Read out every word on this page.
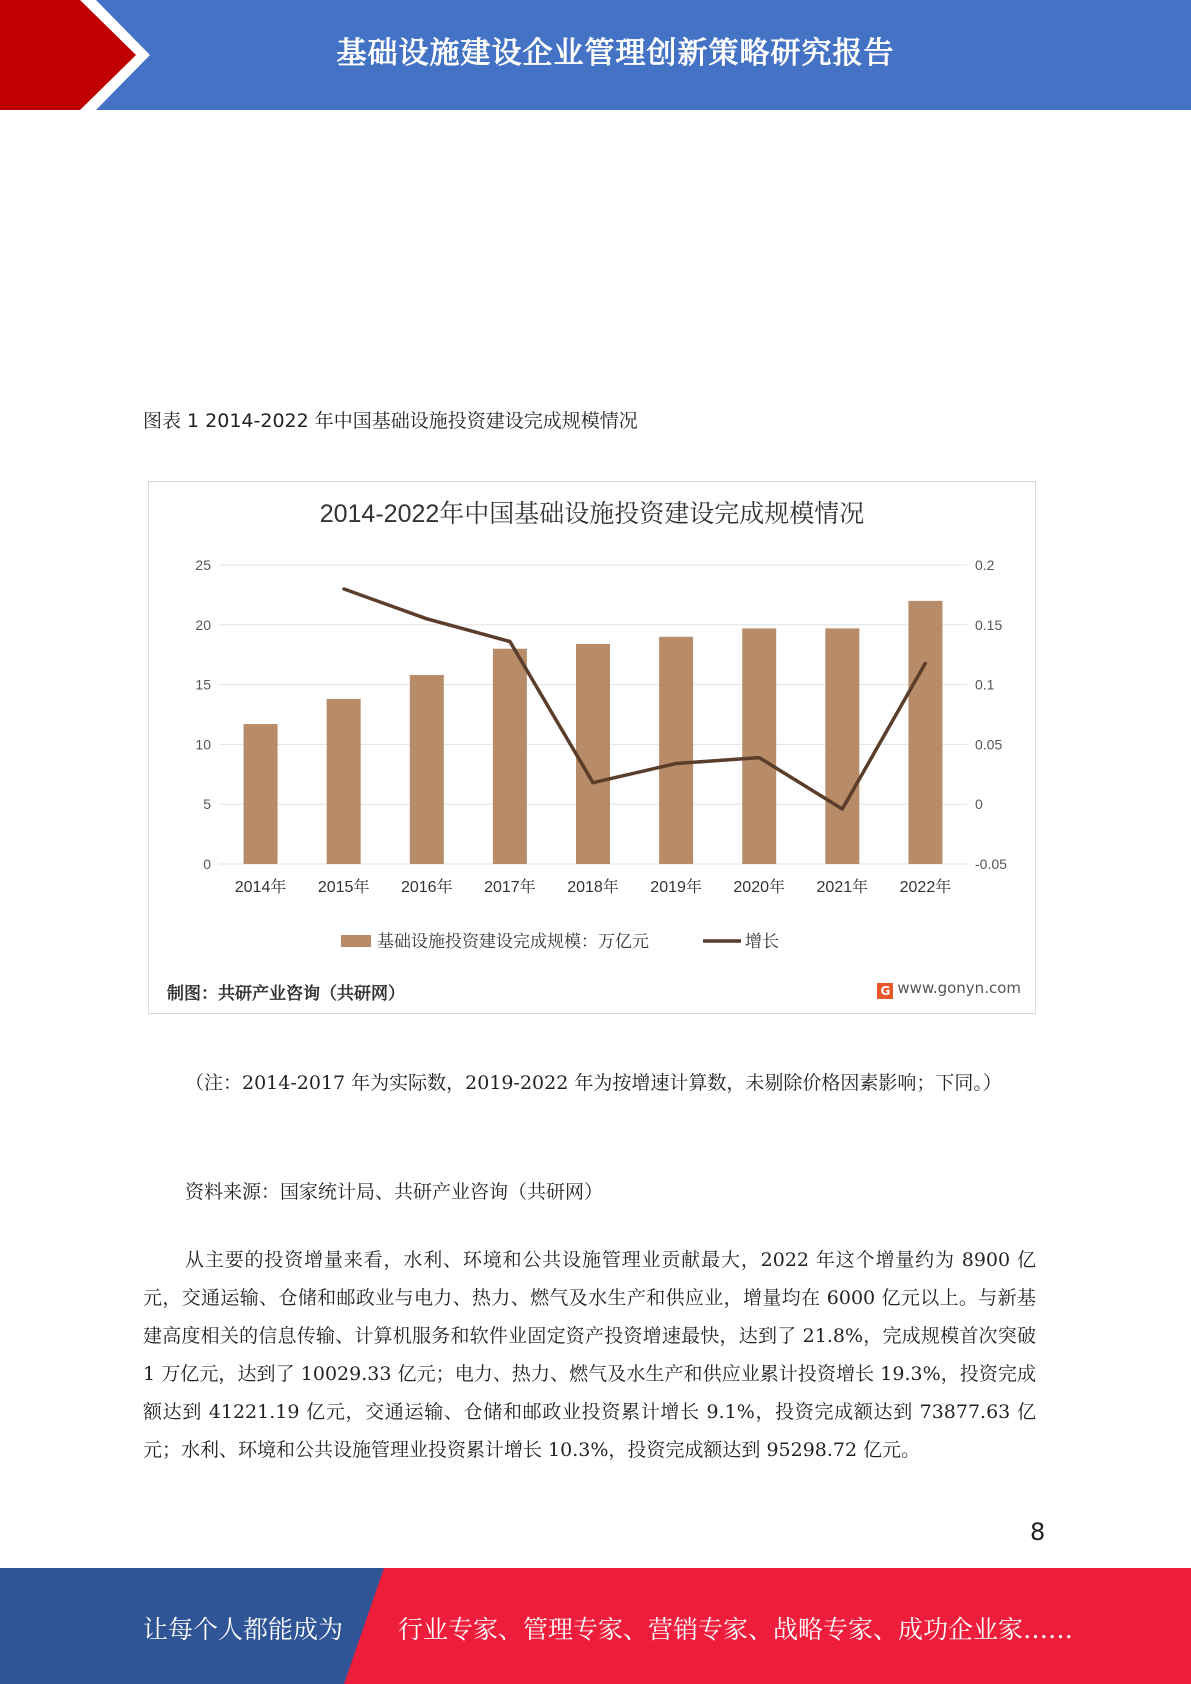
基础设施建设企业管理创新策略研究报告
图表 1 2014-2022 年中国基础设施投资建设完成规模情况
2014-2022年中国基础设施投资建设完成规模情况
0
5
10
15
20
25
-0.05
0
0.05
0.1
0.15
0.2
2014年 2015年 2016年 2017年 2018年 2019年 2020年 2021年 2022年
基础设施投资建设完成规模：万亿元	增长
制图：共研产业咨询（共研网）	G www.gonyn.com
（注：2014-2017 年为实际数，2019-2022 年为按增速计算数，未剔除价格因素影响；下同。）
资料来源：国家统计局、共研产业咨询（共研网）
从主要的投资增量来看，水利、环境和公共设施管理业贡献最大，2022 年这个增量约为 8900 亿元，交通运输、仓储和邮政业与电力、热力、燃气及水生产和供应业，增量均在 6000 亿元以上。与新基建高度相关的信息传输、计算机服务和软件业固定资产投资增速最快，达到了 21.8%，完成规模首次突破 1 万亿元，达到了 10029.33 亿元；电力、热力、燃气及水生产和供应业累计投资增长 19.3%，投资完成额达到 41221.19 亿元，交通运输、仓储和邮政业投资累计增长 9.1%，投资完成额达到 73877.63 亿元；水利、环境和公共设施管理业投资累计增长 10.3%，投资完成额达到 95298.72 亿元。
8
让每个人都能成为 行业专家、管理专家、营销专家、战略专家、成功企业家……
